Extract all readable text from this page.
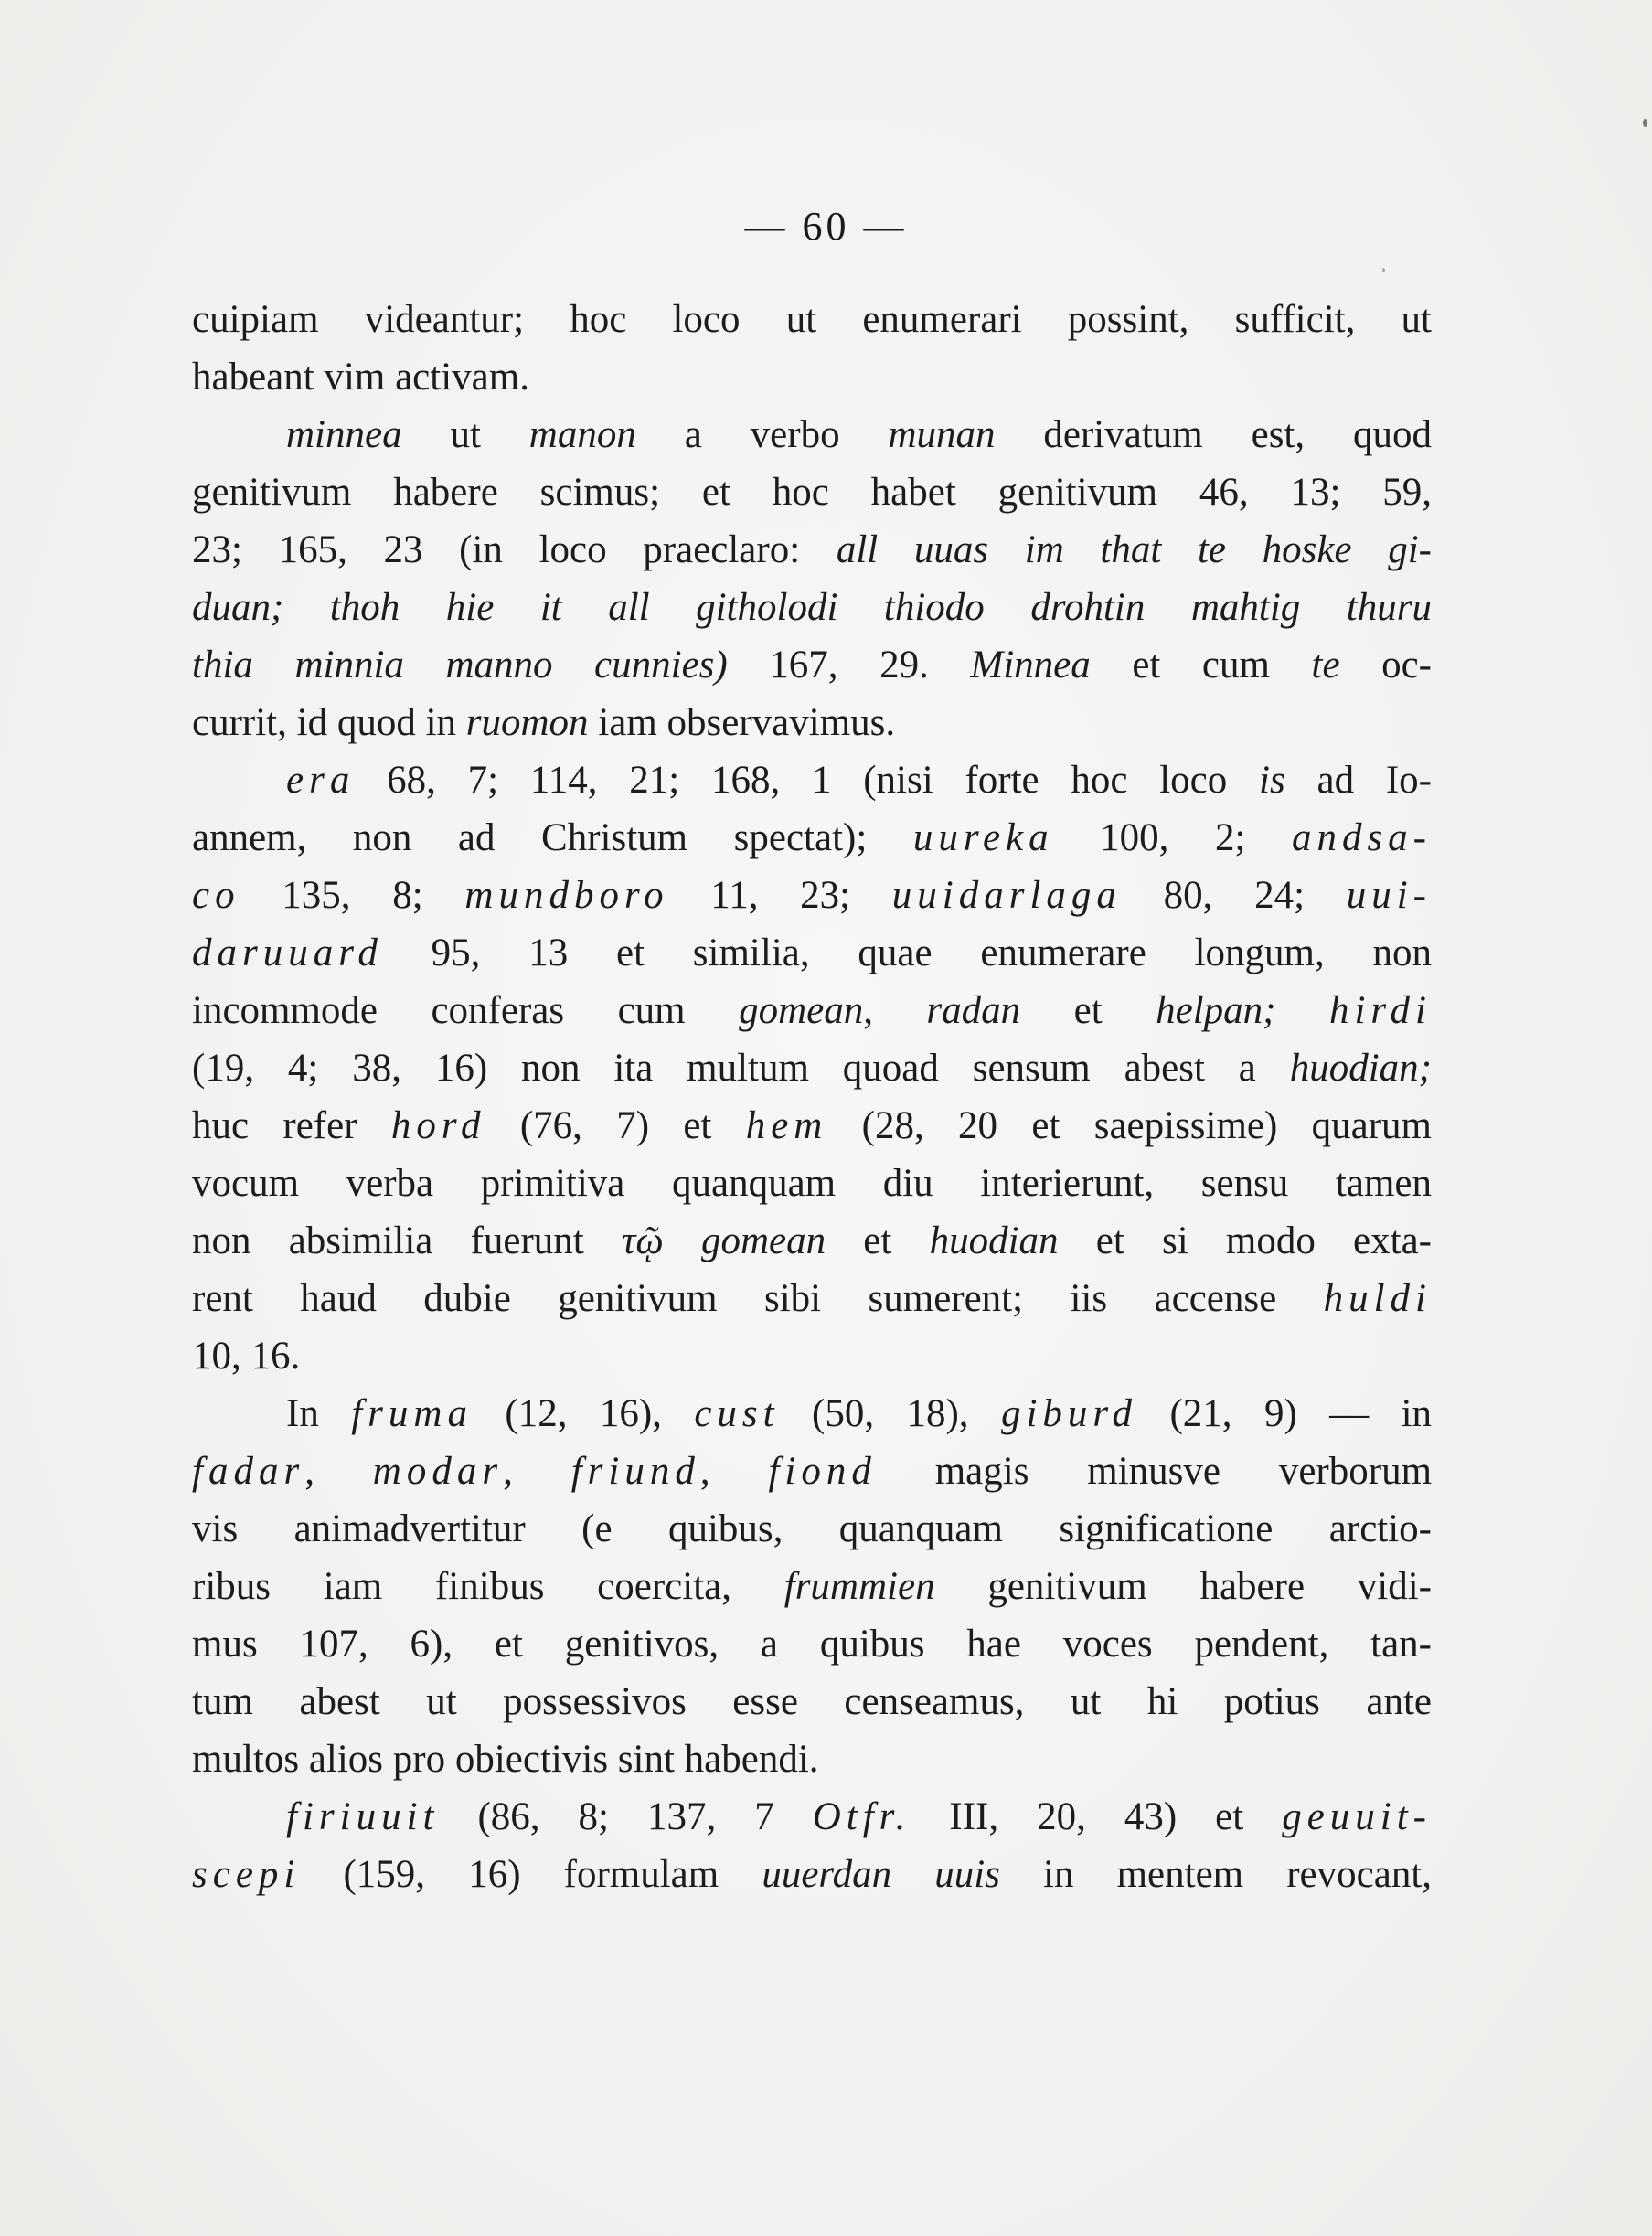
— 60 —
cuipiam videantur; hoc loco ut enumerari possint, sufficit, ut
habeant vim activam.
minnea ut manon a verbo munan derivatum est, quod
genitivum habere scimus; et hoc habet genitivum 46, 13; 59,
23; 165, 23 (in loco praeclaro: all uuas im that te hoske gi-
duan; thoh hie it all githolodi thiodo drohtin mahtig thuru
thia minnia manno cunnies) 167, 29. Minnea et cum te oc-
currit, id quod in ruomon iam observavimus.
era 68, 7; 114, 21; 168, 1 (nisi forte hoc loco is ad Io-
annem, non ad Christum spectat); uureka 100, 2; andsa-
co 135, 8; mundboro 11, 23; uuidarlaga 80, 24; uui-
daruuard 95, 13 et similia, quae enumerare longum, non
incommode conferas cum gomean, radan et helpan; hirdi
(19, 4; 38, 16) non ita multum quoad sensum abest a huodian;
huc refer hord (76, 7) et hem (28, 20 et saepissime) quarum
vocum verba primitiva quanquam diu interierunt, sensu tamen
non absimilia fuerunt τῷ gomean et huodian et si modo exta-
rent haud dubie genitivum sibi sumerent; iis accense huldi
10, 16.
In fruma (12, 16), cust (50, 18), giburd (21, 9) — in
fadar, modar, friund, fiond magis minusve verborum
vis animadvertitur (e quibus, quanquam significatione arctio-
ribus iam finibus coercita, frummien genitivum habere vidi-
mus 107, 6), et genitivos, a quibus hae voces pendent, tan-
tum abest ut possessivos esse censeamus, ut hi potius ante
multos alios pro obiectivis sint habendi.
firiuuit (86, 8; 137, 7 Otfr. III, 20, 43) et geuuit-
scepi (159, 16) formulam uuerdan uuis in mentem revocant,
